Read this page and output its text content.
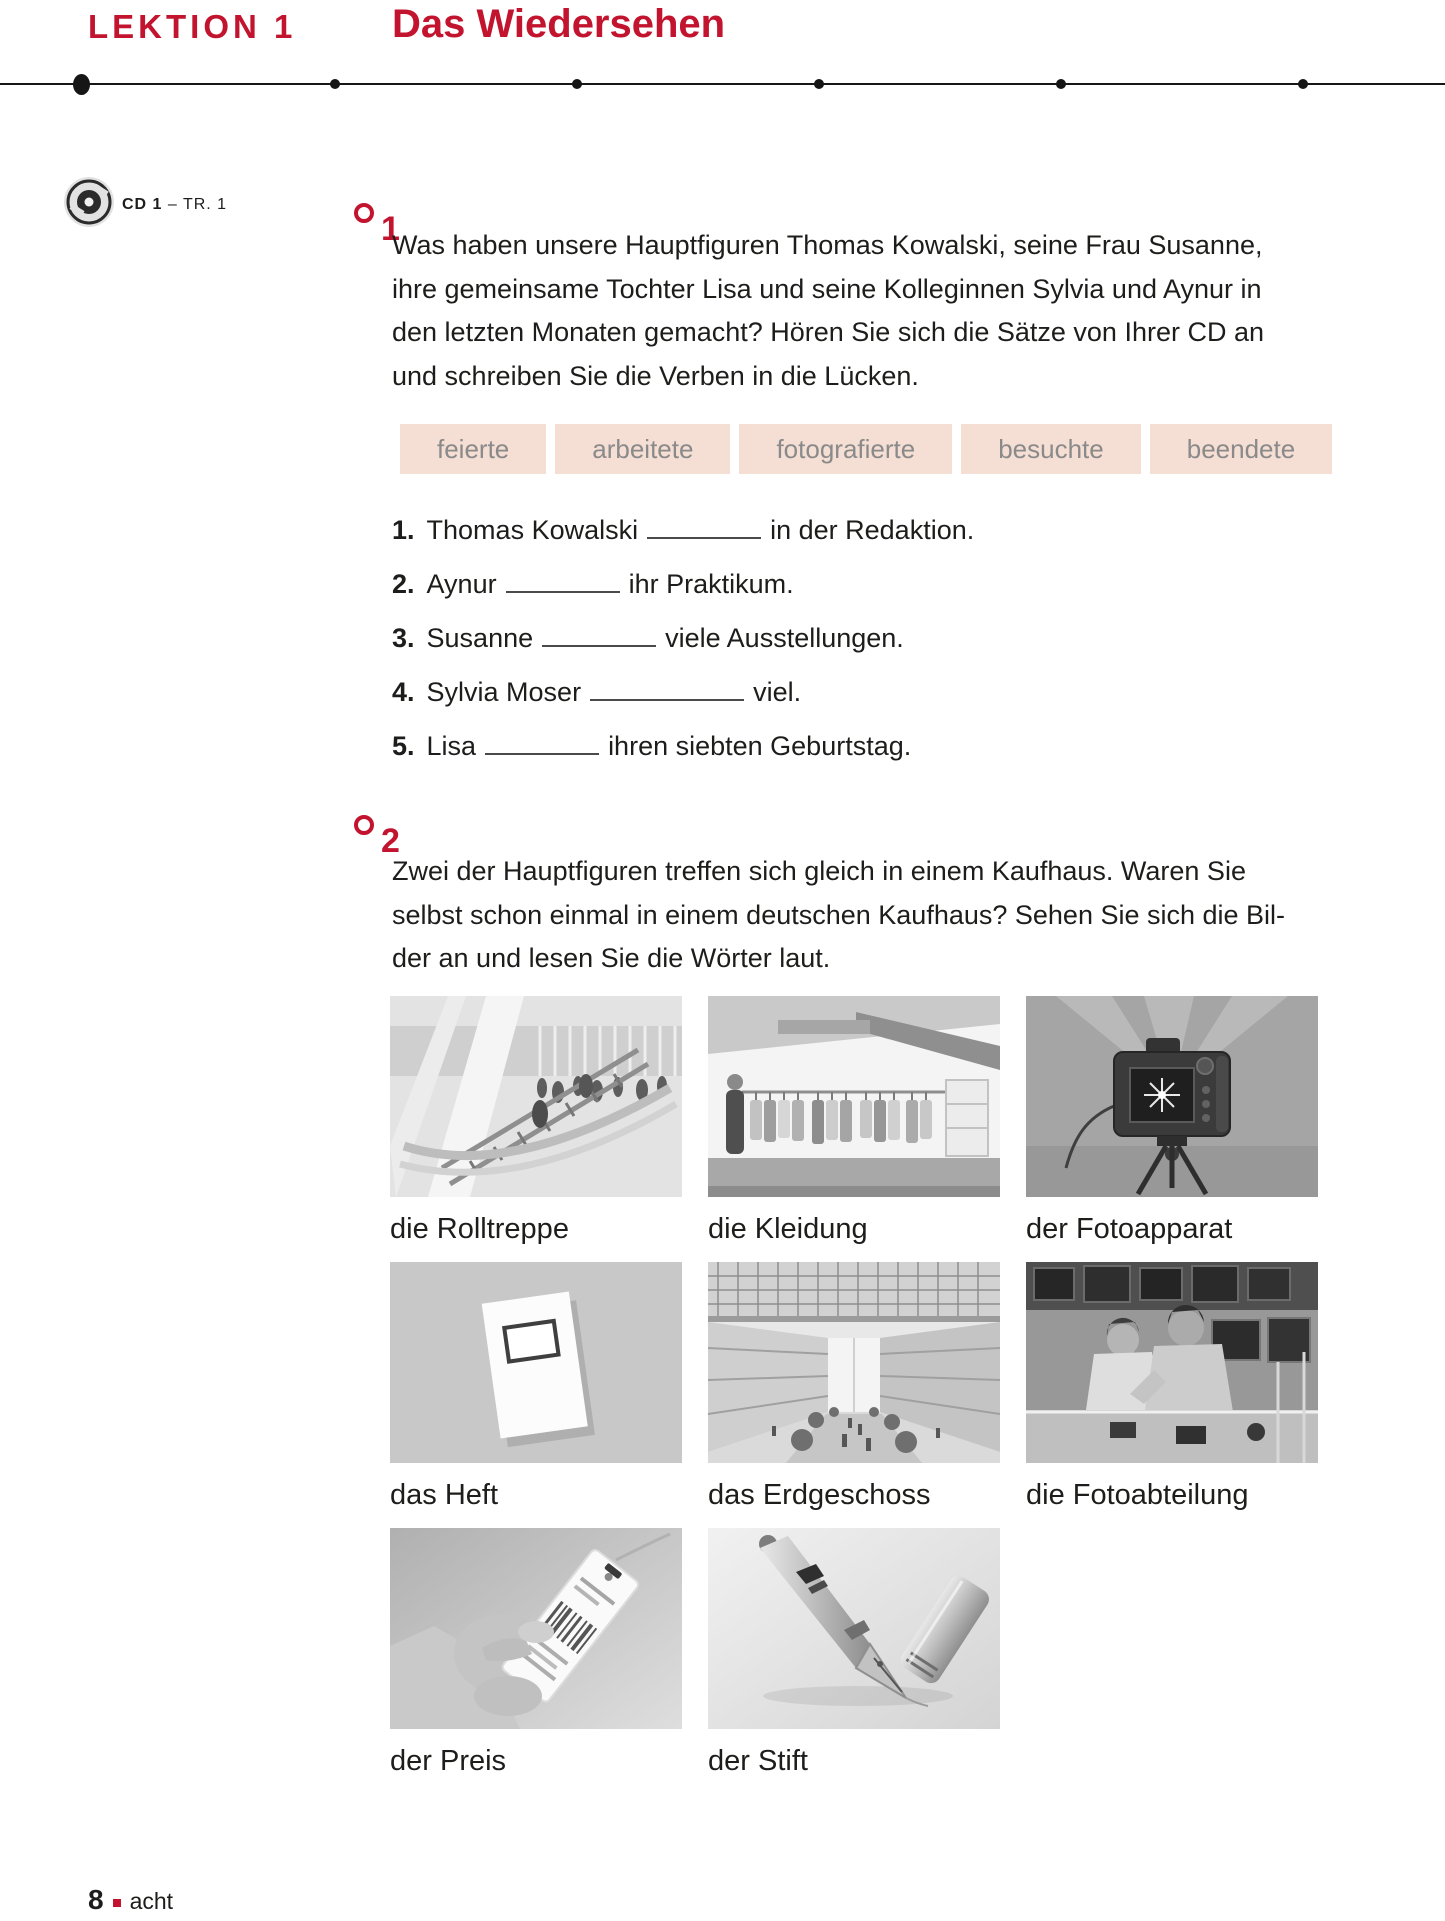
LEKTION 1 Das Wiedersehen
CD 1 – TR. 1
1
Was haben unsere Hauptfiguren Thomas Kowalski, seine Frau Susanne,
ihre gemeinsame Tochter Lisa und seine Kolleginnen Sylvia und Aynur in
den letzten Monaten gemacht? Hören Sie sich die Sätze von Ihrer CD an
und schreiben Sie die Verben in die Lücken.
feierte	arbeitete	fotografierte	besuchte	beendete
1. Thomas Kowalski	in der Redaktion.
2. Aynur	ihr Praktikum.
3. Susanne	viele Ausstellungen.
4. Sylvia Moser	viel.
5. Lisa	ihren siebten Geburtstag.
2
Zwei der Hauptfiguren treffen sich gleich in einem Kaufhaus. Waren Sie
selbst schon einmal in einem deutschen Kaufhaus? Sehen Sie sich die Bil-
der an und lesen Sie die Wörter laut.
die Rolltreppe	die Kleidung	der Fotoapparat
das Heft	das Erdgeschoss	die Fotoabteilung
der Preis	der Stift
8 acht
